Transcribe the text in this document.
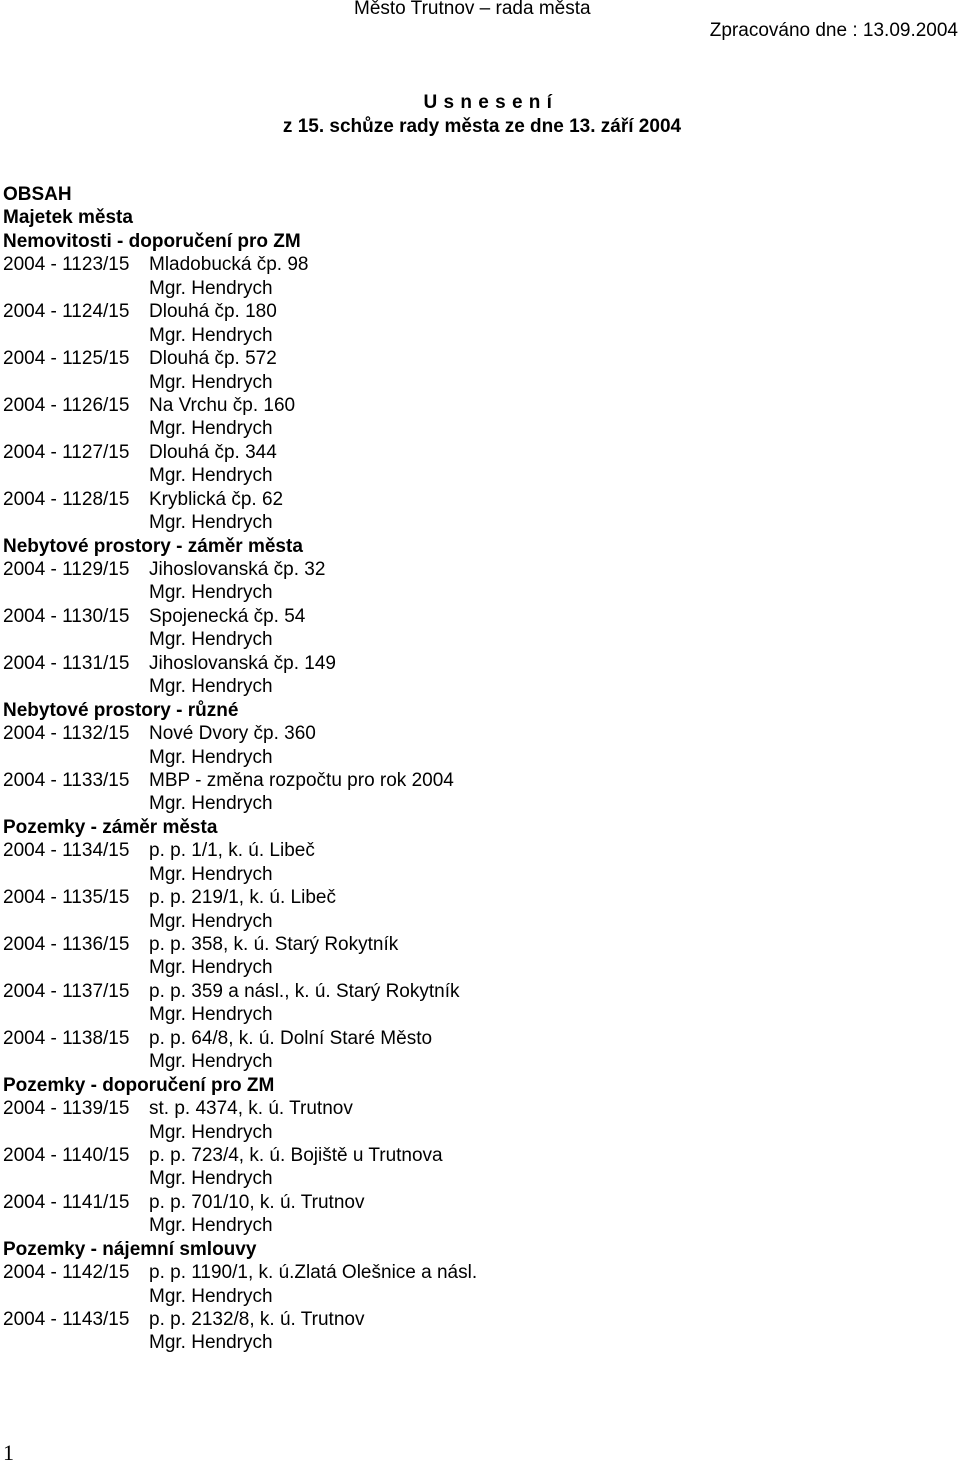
Město Trutnov – rada města
Zpracováno dne : 13.09.2004
U s n e s e n í
z 15. schůze rady města ze dne 13. září 2004
OBSAH
Majetek města
Nemovitosti - doporučení pro ZM
2004 - 1123/15 Mladobucká čp. 98
Mgr. Hendrych
2004 - 1124/15 Dlouhá čp. 180
Mgr. Hendrych
2004 - 1125/15 Dlouhá čp. 572
Mgr. Hendrych
2004 - 1126/15 Na Vrchu čp. 160
Mgr. Hendrych
2004 - 1127/15 Dlouhá čp. 344
Mgr. Hendrych
2004 - 1128/15 Kryblická čp. 62
Mgr. Hendrych
Nebytové prostory - záměr města
2004 - 1129/15 Jihoslovanská čp. 32
Mgr. Hendrych
2004 - 1130/15 Spojenecká čp. 54
Mgr. Hendrych
2004 - 1131/15 Jihoslovanská čp. 149
Mgr. Hendrych
Nebytové prostory - různé
2004 - 1132/15 Nové Dvory čp. 360
Mgr. Hendrych
2004 - 1133/15 MBP - změna rozpočtu pro rok 2004
Mgr. Hendrych
Pozemky - záměr města
2004 - 1134/15 p. p. 1/1, k. ú. Libeč
Mgr. Hendrych
2004 - 1135/15 p. p. 219/1, k. ú. Libeč
Mgr. Hendrych
2004 - 1136/15 p. p. 358, k. ú. Starý Rokytník
Mgr. Hendrych
2004 - 1137/15 p. p. 359 a násl., k. ú. Starý Rokytník
Mgr. Hendrych
2004 - 1138/15 p. p. 64/8, k. ú. Dolní Staré Město
Mgr. Hendrych
Pozemky - doporučení pro ZM
2004 - 1139/15 st. p. 4374, k. ú. Trutnov
Mgr. Hendrych
2004 - 1140/15 p. p. 723/4, k. ú. Bojiště u Trutnova
Mgr. Hendrych
2004 - 1141/15 p. p. 701/10, k. ú. Trutnov
Mgr. Hendrych
Pozemky - nájemní smlouvy
2004 - 1142/15 p. p. 1190/1, k. ú.Zlatá Olešnice a násl.
Mgr. Hendrych
2004 - 1143/15 p. p. 2132/8, k. ú. Trutnov
Mgr. Hendrych
1
